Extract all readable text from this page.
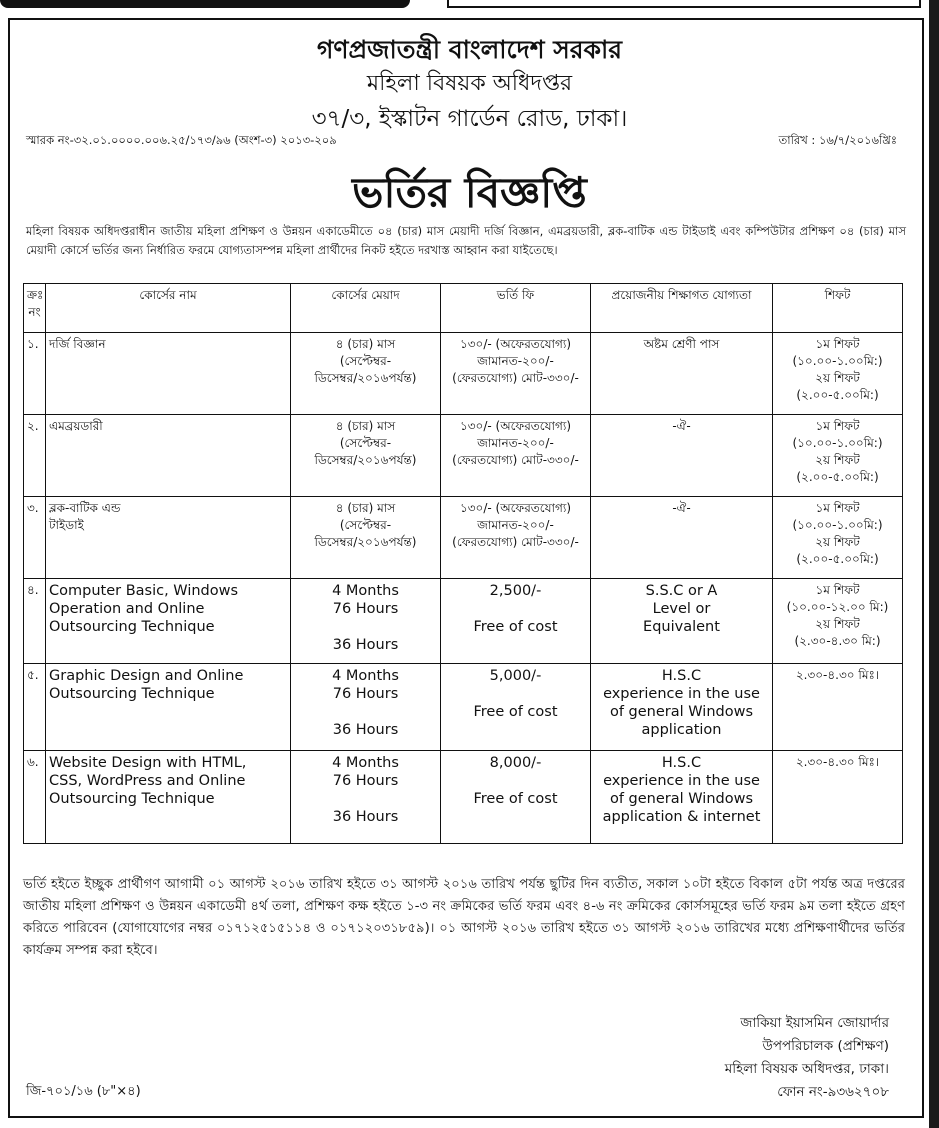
গণপ্রজাতন্ত্রী বাংলাদেশ সরকার
মহিলা বিষয়ক অধিদপ্তর
৩৭/৩, ইস্কাটন গার্ডেন রোড, ঢাকা।
স্মারক নং-৩২.০১.০০০০.০০৬.২৫/১৭৩/৯৬ (অংশ-৩) ২০১৩-২০৯	তারিখ : ১৬/৭/২০১৬খ্রিঃ
ভর্তির বিজ্ঞপ্তি
মহিলা বিষয়ক অধিদপ্তরাধীন জাতীয় মহিলা প্রশিক্ষণ ও উন্নয়ন একাডেমীতে ০৪ (চার) মাস মেয়াদী দর্জি বিজ্ঞান, এমব্রয়ডারী, ব্লক-বাটিক এন্ড টাইডাই এবং কম্পিউটার প্রশিক্ষণ ০৪ (চার) মাস মেয়াদী কোর্সে ভর্তির জন্য নির্ধারিত ফরমে যোগ্যতাসম্পন্ন মহিলা প্রার্থীদের নিকট হইতে দরখাস্ত আহ্বান করা যাইতেছে।
ক্রঃ নং	কোর্সের নাম	কোর্সের মেয়াদ	ভর্তি ফি	প্রয়োজনীয় শিক্ষাগত যোগ্যতা	শিফট
১.	দর্জি বিজ্ঞান	৪ (চার) মাস
(সেপ্টেম্বর-
ডিসেম্বর/২০১৬পর্যন্ত)	১৩০/- (অফেরতযোগ্য)
জামানত-২০০/-
(ফেরতযোগ্য) মোট-৩৩০/-	অষ্টম শ্রেণী পাস	১ম শিফট
(১০.০০-১.০০মি:)
২য় শিফট
(২.০০-৫.০০মি:)
২.	এমব্রয়ডারী	৪ (চার) মাস
(সেপ্টেম্বর-
ডিসেম্বর/২০১৬পর্যন্ত)	১৩০/- (অফেরতযোগ্য)
জামানত-২০০/-
(ফেরতযোগ্য) মোট-৩৩০/-	-ঐ-	১ম শিফট
(১০.০০-১.০০মি:)
২য় শিফট
(২.০০-৫.০০মি:)
৩.	ব্লক-বাটিক এন্ড
টাইডাই	৪ (চার) মাস
(সেপ্টেম্বর-
ডিসেম্বর/২০১৬পর্যন্ত)	১৩০/- (অফেরতযোগ্য)
জামানত-২০০/-
(ফেরতযোগ্য) মোট-৩৩০/-	-ঐ-	১ম শিফট
(১০.০০-১.০০মি:)
২য় শিফট
(২.০০-৫.০০মি:)
৪.	Computer Basic, Windows
Operation and Online
Outsourcing Technique	4 Months
76 Hours

36 Hours	2,500/-

Free of cost	S.S.C or A
Level or
Equivalent	১ম শিফট
(১০.০০-১২.০০ মি:)
২য় শিফট
(২.৩০-৪.৩০ মি:)
৫.	Graphic Design and Online
Outsourcing Technique	4 Months
76 Hours

36 Hours	5,000/-

Free of cost	H.S.C
experience in the use
of general Windows
application	২.৩০-৪.৩০ মিঃ।
৬.	Website Design with HTML,
CSS, WordPress and Online
Outsourcing Technique	4 Months
76 Hours

36 Hours	8,000/-

Free of cost	H.S.C
experience in the use
of general Windows
application & internet	২.৩০-৪.৩০ মিঃ।
ভর্তি হইতে ইচ্ছুক প্রার্থীগণ আগামী ০১ আগস্ট ২০১৬ তারিখ হইতে ৩১ আগস্ট ২০১৬ তারিখ পর্যন্ত ছুটির দিন ব্যতীত, সকাল ১০টা হইতে বিকাল ৫টা পর্যন্ত অত্র দপ্তরের জাতীয় মহিলা প্রশিক্ষণ ও উন্নয়ন একাডেমী ৪র্থ তলা, প্রশিক্ষণ কক্ষ হইতে ১-৩ নং ক্রমিকের ভর্তি ফরম এবং ৪-৬ নং ক্রমিকের কোর্সসমূহের ভর্তি ফরম ৯ম তলা হইতে গ্রহণ করিতে পারিবেন (যোগাযোগের নম্বর ০১৭১২৫১৫১১৪ ও ০১৭১২০৩১৮৫৯)। ০১ আগস্ট ২০১৬ তারিখ হইতে ৩১ আগস্ট ২০১৬ তারিখের মধ্যে প্রশিক্ষণার্থীদের ভর্তির কার্যক্রম সম্পন্ন করা হইবে।
জাকিয়া ইয়াসমিন জোয়ার্দার
উপপরিচালক (প্রশিক্ষণ)
মহিলা বিষয়ক অধিদপ্তর, ঢাকা।
ফোন নং-৯৩৬২৭০৮
জি-৭০১/১৬ (৮"×৪)
